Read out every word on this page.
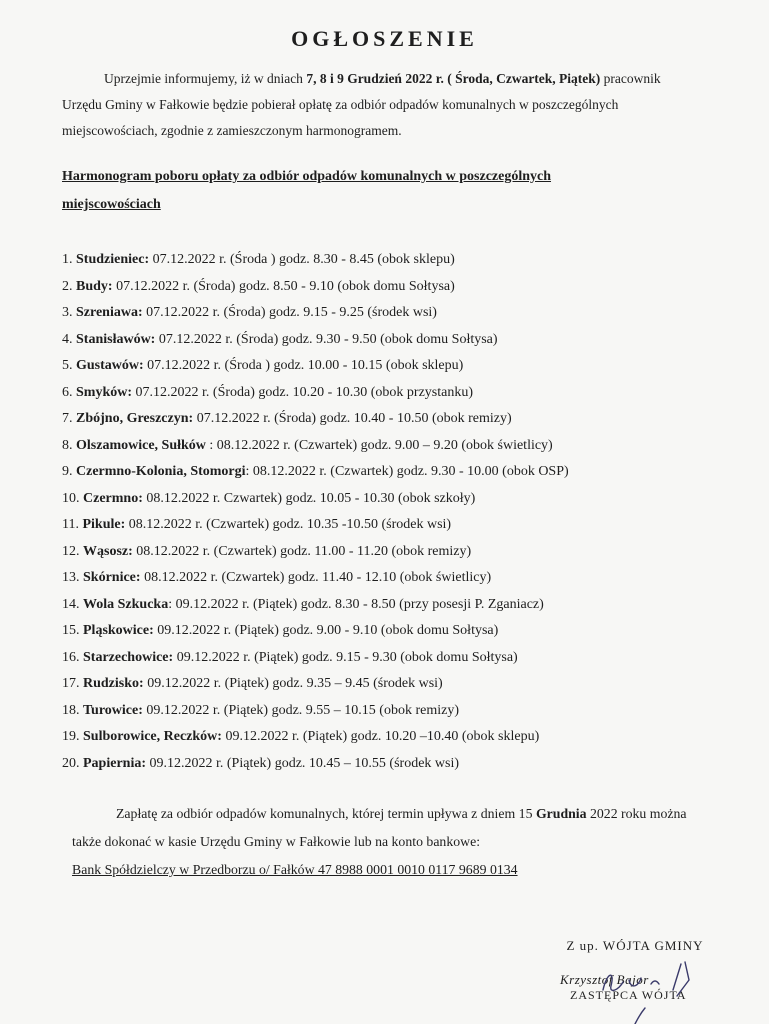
OGŁOSZENIE

Uprzejmie informujemy, iż w dniach 7, 8 i 9 Grudzień 2022 r. ( Środa, Czwartek, Piątek) pracownik Urzędu Gminy w Fałkowie będzie pobierał opłatę za odbiór odpadów komunalnych w poszczególnych miejscowościach, zgodnie z zamieszczonym harmonogramem.

Harmonogram poboru opłaty za odbiór odpadów komunalnych w poszczególnych miejscowościach
1. Studzieniec: 07.12.2022 r. (Środa ) godz. 8.30 - 8.45 (obok sklepu)
2. Budy: 07.12.2022 r. (Środa) godz. 8.50 - 9.10 (obok domu Sołtysa)
3. Szreniawa: 07.12.2022 r. (Środa) godz. 9.15 - 9.25 (środek wsi)
4. Stanisławów: 07.12.2022 r. (Środa) godz. 9.30 - 9.50 (obok domu Sołtysa)
5. Gustawów: 07.12.2022 r. (Środa ) godz. 10.00 - 10.15 (obok sklepu)
6. Smyków: 07.12.2022 r. (Środa) godz. 10.20 - 10.30 (obok przystanku)
7. Zbójno, Greszczyn: 07.12.2022 r. (Środa) godz. 10.40 - 10.50 (obok remizy)
8. Olszamowice, Sułków : 08.12.2022 r. (Czwartek) godz. 9.00 – 9.20 (obok świetlicy)
9. Czermno-Kolonia, Stomorgi: 08.12.2022 r. (Czwartek) godz. 9.30 - 10.00 (obok OSP)
10. Czermno: 08.12.2022 r. Czwartek) godz. 10.05 - 10.30 (obok szkoły)
11. Pikule: 08.12.2022 r. (Czwartek) godz. 10.35 -10.50 (środek wsi)
12. Wąsosz: 08.12.2022 r. (Czwartek) godz. 11.00 - 11.20 (obok remizy)
13. Skórnice: 08.12.2022 r. (Czwartek) godz. 11.40 - 12.10 (obok świetlicy)
14. Wola Szkucka: 09.12.2022 r. (Piątek) godz. 8.30 - 8.50 (przy posesji P. Zganiacz)
15. Pląskowice: 09.12.2022 r. (Piątek) godz. 9.00 - 9.10 (obok domu Sołtysa)
16. Starzechowice: 09.12.2022 r. (Piątek) godz. 9.15 - 9.30 (obok domu Sołtysa)
17. Rudzisko: 09.12.2022 r. (Piątek) godz. 9.35 – 9.45 (środek wsi)
18. Turowice: 09.12.2022 r. (Piątek) godz. 9.55 – 10.15 (obok remizy)
19. Sulborowice, Reczków: 09.12.2022 r. (Piątek) godz. 10.20 –10.40 (obok sklepu)
20. Papiernia: 09.12.2022 r. (Piątek) godz. 10.45 – 10.55 (środek wsi)

Zapłatę za odbiór odpadów komunalnych, której termin upływa z dniem 15 Grudnia 2022 roku można także dokonać w kasie Urzędu Gminy w Fałkowie lub na konto bankowe:

Bank Spółdzielczy w Przedborzu o/ Fałków 47 8988 0001 0010 0117 9689 0134

Z up. WÓJTA GMINY
Krzysztof Bajor
ZASTĘPCA WÓJTA
